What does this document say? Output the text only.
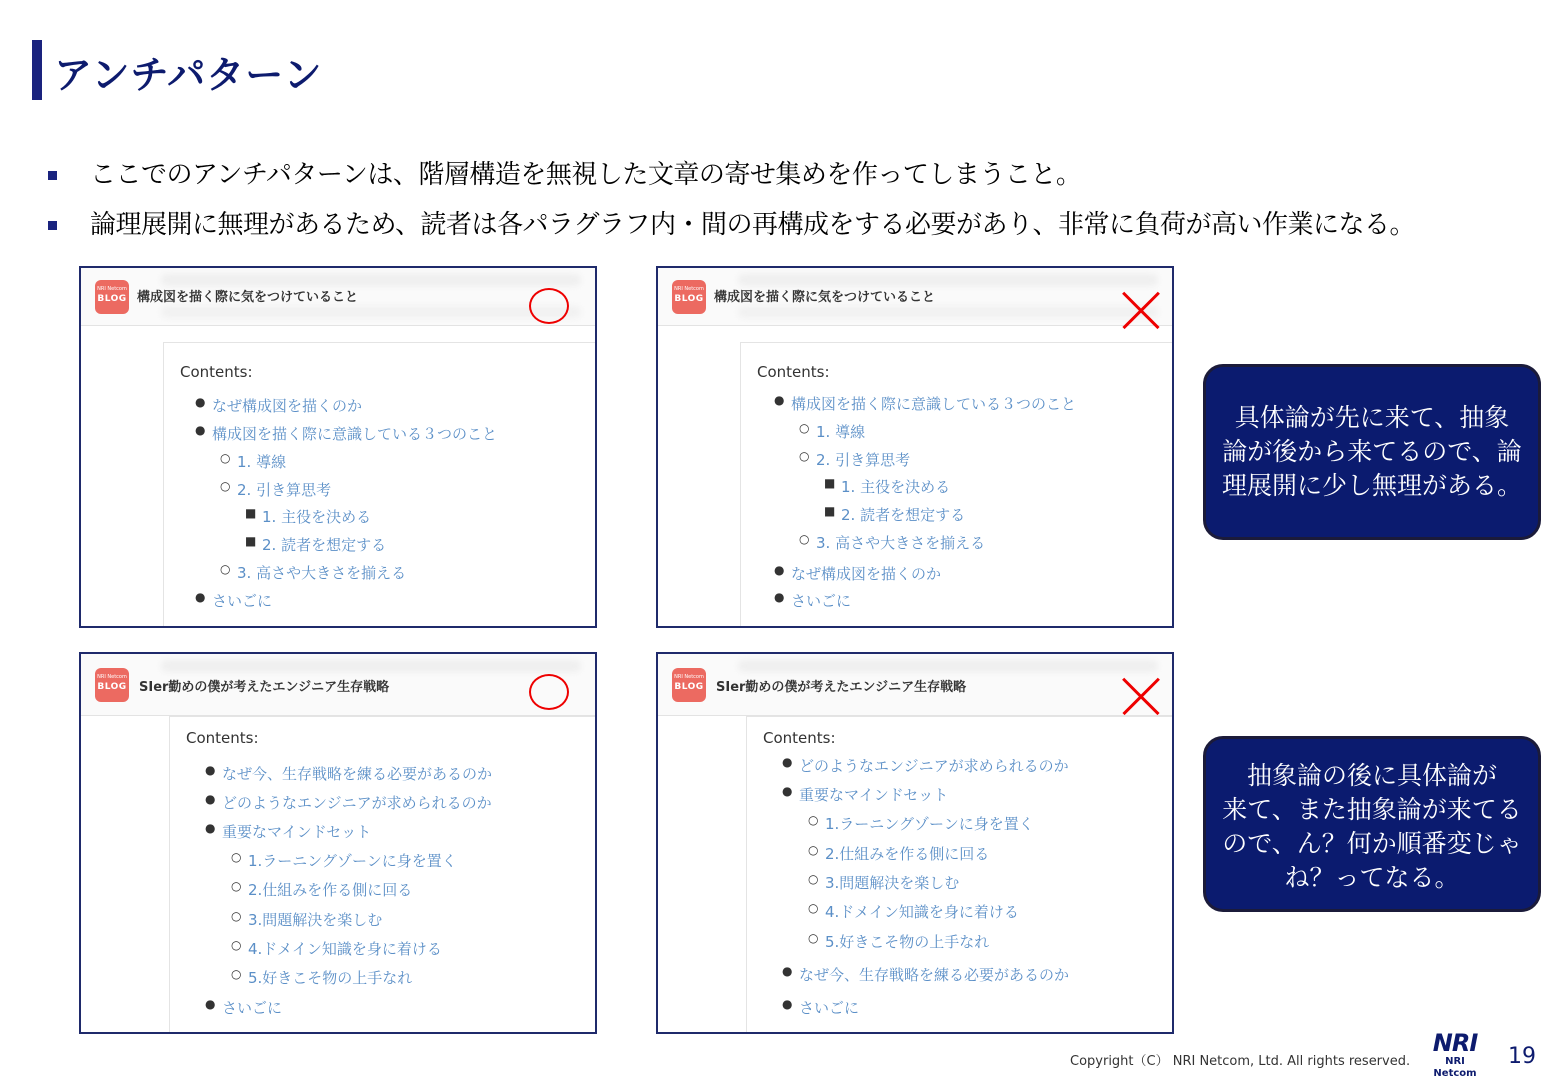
アンチパターン
ここでのアンチパターンは、階層構造を無視した文章の寄せ集めを作ってしまうこと。
論理展開に無理があるため、読者は各パラグラフ内・間の再構成をする必要があり、非常に負荷が高い作業になる。
NRI Netcom
BLOG 構成図を描く際に気をつけていること
Contents:
● なぜ構成図を描くのか
● 構成図を描く際に意識している３つのこと
○ 1. 導線
○ 2. 引き算思考
■ 1. 主役を決める
■ 2. 読者を想定する
○ 3. 高さや大きさを揃える
● さいごに
NRI Netcom
BLOG 構成図を描く際に気をつけていること
Contents:
● 構成図を描く際に意識している３つのこと
○ 1. 導線
○ 2. 引き算思考
■ 1. 主役を決める
■ 2. 読者を想定する
○ 3. 高さや大きさを揃える
● なぜ構成図を描くのか
● さいごに
NRI Netcom
BLOG SIer勤めの僕が考えたエンジニア生存戦略
Contents:
● なぜ今、生存戦略を練る必要があるのか
● どのようなエンジニアが求められるのか
● 重要なマインドセット
○ 1.ラーニングゾーンに身を置く
○ 2.仕組みを作る側に回る
○ 3.問題解決を楽しむ
○ 4.ドメイン知識を身に着ける
○ 5.好きこそ物の上手なれ
● さいごに
NRI Netcom
BLOG SIer勤めの僕が考えたエンジニア生存戦略
Contents:
● どのようなエンジニアが求められるのか
● 重要なマインドセット
○ 1.ラーニングゾーンに身を置く
○ 2.仕組みを作る側に回る
○ 3.問題解決を楽しむ
○ 4.ドメイン知識を身に着ける
○ 5.好きこそ物の上手なれ
● なぜ今、生存戦略を練る必要があるのか
● さいごに
具体論が先に来て、抽象
論が後から来てるので、論
理展開に少し無理がある。
抽象論の後に具体論が
来て、また抽象論が来てる
ので、ん？何か順番変じゃ
ね？ってなる。
Copyright（C） NRI Netcom, Ltd. All rights reserved.
NRI
NRI Netcom
19
